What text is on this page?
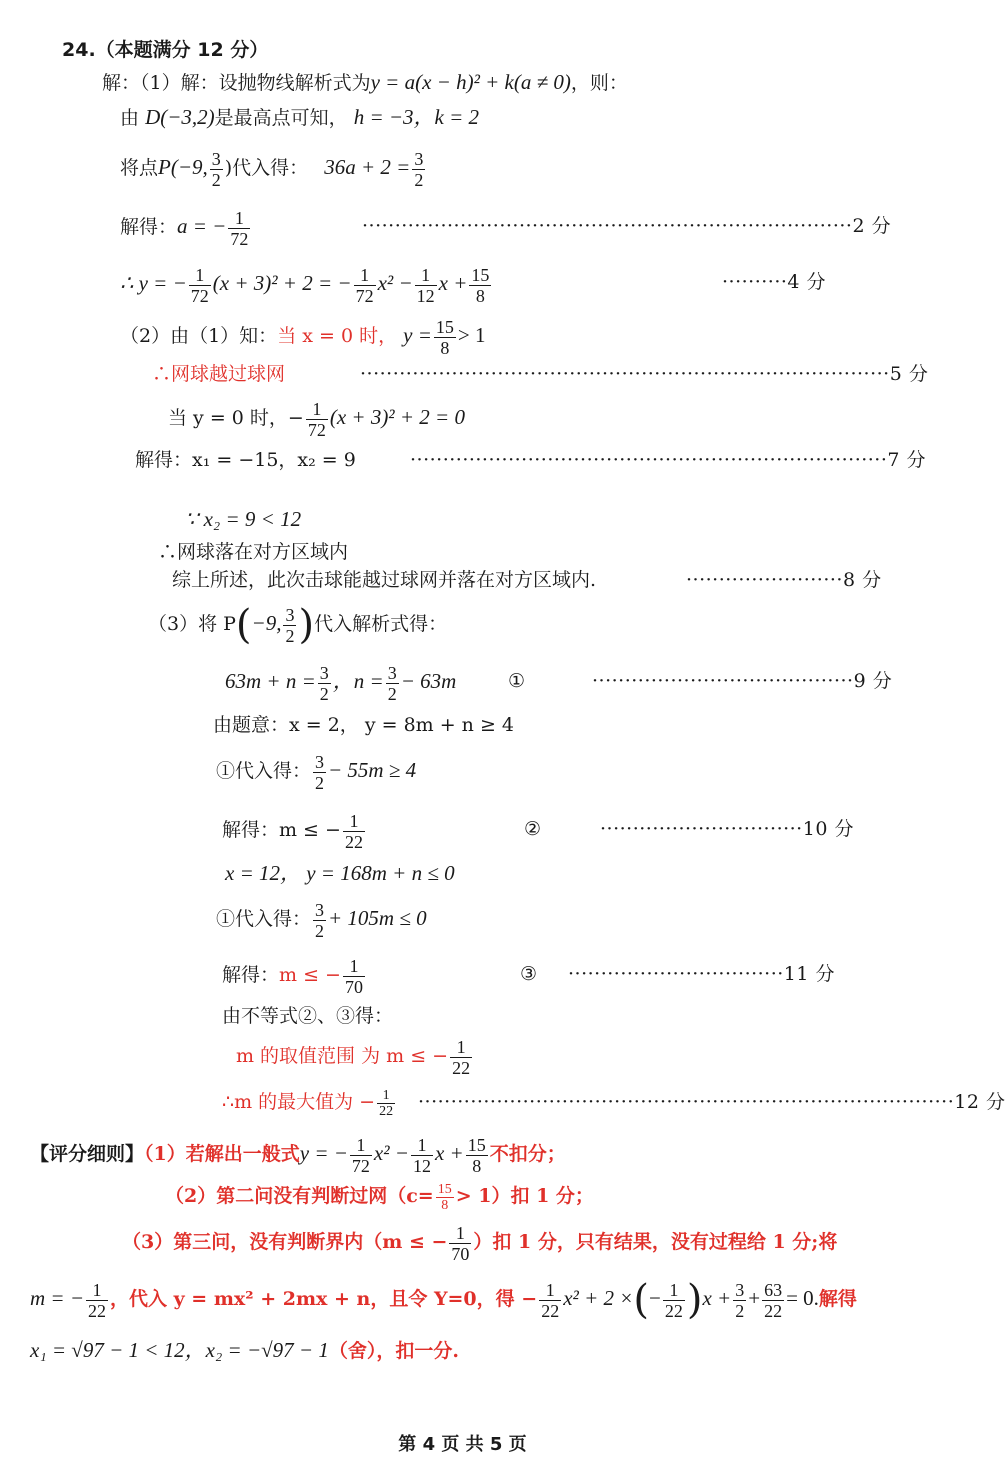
24.（本题满分 12 分）
解：（1）解：设抛物线解析式为y = a(x − h)² + k(a ≠ 0)，则：
由 D(−3,2)是最高点可知， h = −3，k = 2
将点P(−9, $\frac{3}{2}$ )代入得： $36a + 2 = \frac{3}{2}$
解得：a = − $\frac{1}{72}$	···········································································2 分
∴ y = − $\frac{1}{72} (x + 3)^2 + 2$ = − $\frac{1}{72} x^2 - \frac{1}{12}$ $x + \frac{15}{8}$	··········4 分
（2）由（1）知：当 x = 0 时， $y = \frac{15}{8} > 1$
∴网球越过球网	·················································································5 分
当 y = 0 时，− $\frac{1}{72} (x + 3)^2 + 2 = 0$
解得：x₁ = −15，x₂ = 9	·········································································7 分
∵ x₂ = 9 < 12
∴网球落在对方区域内
综上所述，此次击球能越过球网并落在对方区域内.	························8 分
（3）将 P(−9, $\frac{3}{2}$ )代入解析式得：
$63m + n = \frac{3}{2}$ ，$n = \frac{3}{2} - 63m$	①	········································9 分
由题意：x = 2， y = 8m + n ≥ 4
①代入得： $\frac{3}{2} - 55m \ge 4$
解得：m ≤ − $\frac{1}{22}$	②	·······························10 分
x = 12， y = 168m + n ≤ 0
①代入得： $\frac{3}{2} + 105m \le 0$
解得：m ≤ − $\frac{1}{70}$	③ ·································11 分
由不等式②、③得：
m 的取值范围 为 m ≤ − $\frac{1}{22}$
∴m 的最大值为 − $\frac{1}{22} \cdot\cdot\cdot\cdot\cdot\cdot\cdot\cdot\cdot\cdot\cdot\cdot\cdot\cdot\cdot\cdot\cdot\cdot\cdot\cdot\cdot\cdot\cdot\cdot\cdot\cdot\cdot\cdot\cdot\cdot\cdot\cdot\cdot\cdot\cdot\cdot\cdot\cdot\cdot\cdot\cdot\cdot\cdot\cdot\cdot\cdot\cdot\cdot\cdot\cdot\cdot\cdot\cdot\cdot\cdot\cdot\cdot\cdot\cdot\cdot\cdot\cdot\cdot\cdot\cdot\cdot\cdot\cdot\cdot\cdot\cdot\cdot\cdot\cdot\cdot\cdot\cdot\cdot\cdot\cdot\cdot\cdot 12$ 分
【评分细则】（1）若解出一般式y = − $\frac{1}{72} x^2 - \frac{1}{12}$ $x + \frac{15}{8}$ 不扣分；
（2）第二问没有判断过网$(c= \frac{15}{8} > 1)$扣 1 分；
（3）第三问，没有判断界内（m ≤ − $\frac{1}{70}$ ）扣 1 分，只有结果，没有过程给 1 分;将
m = − $\frac{1}{22}$ ，代入 y = mx² + 2mx + n，且令 Y=0，得 − $\frac{1}{22} x^2 + 2$ ×(− $\frac{1}{22} )x + \frac{3}{2} + \frac{63}{22} = 0$.解得
x₁ = √97 − 1 < 12，x₂ = −√97 − 1（舍），扣一分.
第 4 页 共 5 页
